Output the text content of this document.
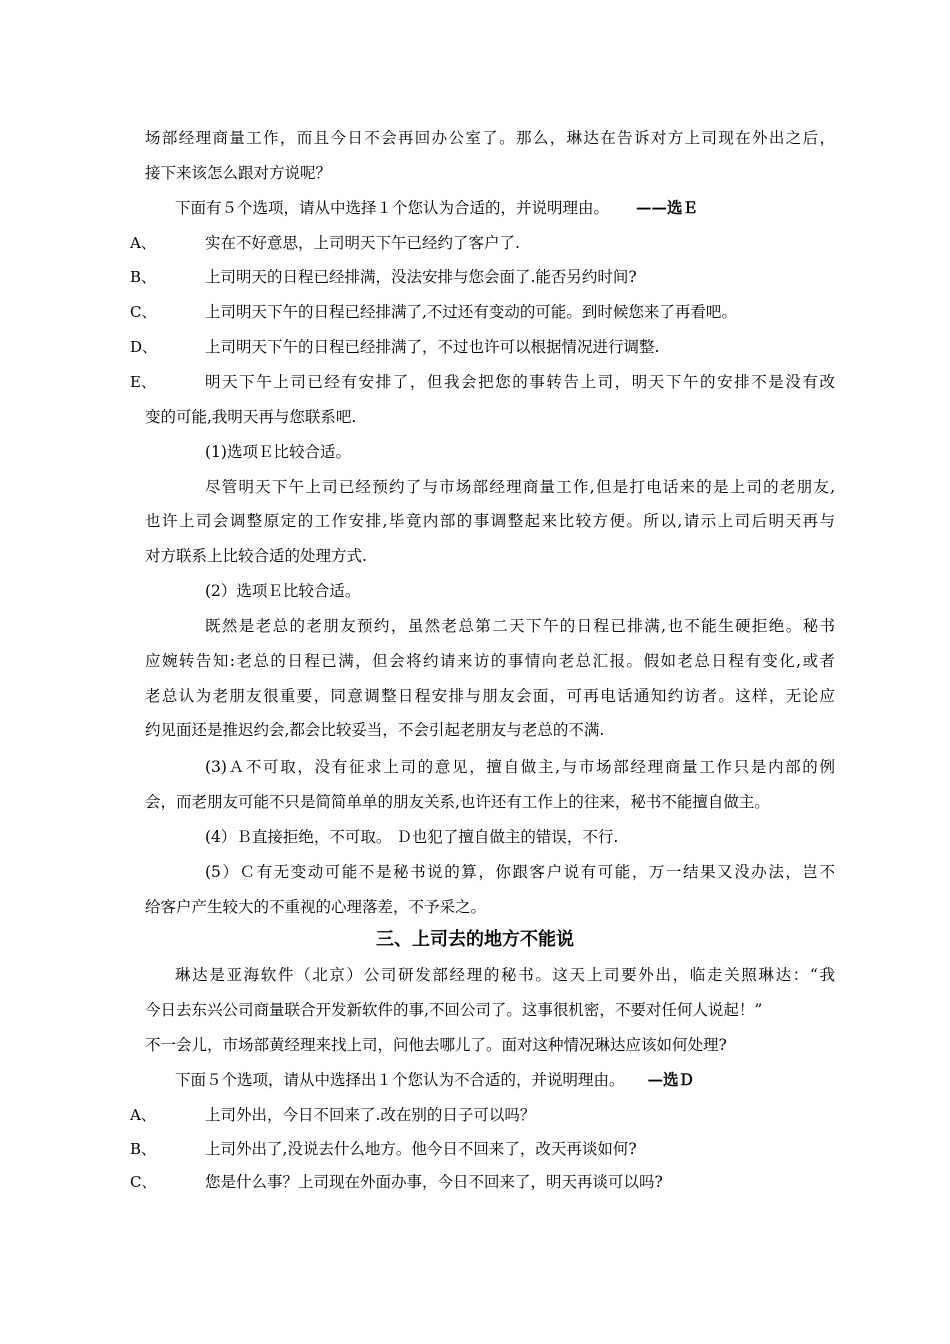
场部经理商量工作，而且今日不会再回办公室了。那么，琳达在告诉对方上司现在外出之后，
接下来该怎么跟对方说呢？
下面有５个选项，请从中选择１个您认为合适的，并说明理由。 ——选Ｅ
A、	实在不好意思，上司明天下午已经约了客户了.
B、	上司明天的日程已经排满，没法安排与您会面了.能否另约时间?
C、	上司明天下午的日程已经排满了,不过还有变动的可能。到时候您来了再看吧。
D、	上司明天下午的日程已经排满了，不过也许可以根据情况进行调整.
E、	明天下午上司已经有安排了，但我会把您的事转告上司，明天下午的安排不是没有改
变的可能,我明天再与您联系吧.
(1)选项Ｅ比较合适。
尽管明天下午上司已经预约了与市场部经理商量工作,但是打电话来的是上司的老朋友,
也许上司会调整原定的工作安排,毕竟内部的事调整起来比较方便。所以,请示上司后明天再与
对方联系上比较合适的处理方式.
(2）选项Ｅ比较合适。
既然是老总的老朋友预约，虽然老总第二天下午的日程已排满,也不能生硬拒绝。秘书
应婉转告知:老总的日程已满，但会将约请来访的事情向老总汇报。假如老总日程有变化,或者
老总认为老朋友很重要，同意调整日程安排与朋友会面，可再电话通知约访者。这样，无论应
约见面还是推迟约会,都会比较妥当，不会引起老朋友与老总的不满.
(3)Ａ不可取，没有征求上司的意见，擅自做主,与市场部经理商量工作只是内部的例
会，而老朋友可能不只是简简单单的朋友关系,也许还有工作上的往来，秘书不能擅自做主。
(4）Ｂ直接拒绝，不可取。 Ｄ也犯了擅自做主的错误，不行.
(5）Ｃ有无变动可能不是秘书说的算，你跟客户说有可能，万一结果又没办法，岂不
给客户产生较大的不重视的心理落差，不予采之。
三、上司去的地方不能说
琳达是亚海软件（北京）公司研发部经理的秘书。这天上司要外出，临走关照琳达：“我
今日去东兴公司商量联合开发新软件的事,不回公司了。这事很机密，不要对任何人说起！”
不一会儿，市场部黄经理来找上司，问他去哪儿了。面对这种情况琳达应该如何处理?
下面５个选项，请从中选择出１个您认为不合适的，并说明理由。 —选Ｄ
A、	上司外出，今日不回来了.改在别的日子可以吗？
B、	上司外出了,没说去什么地方。他今日不回来了，改天再谈如何?
C、	您是什么事？上司现在外面办事，今日不回来了，明天再谈可以吗?
